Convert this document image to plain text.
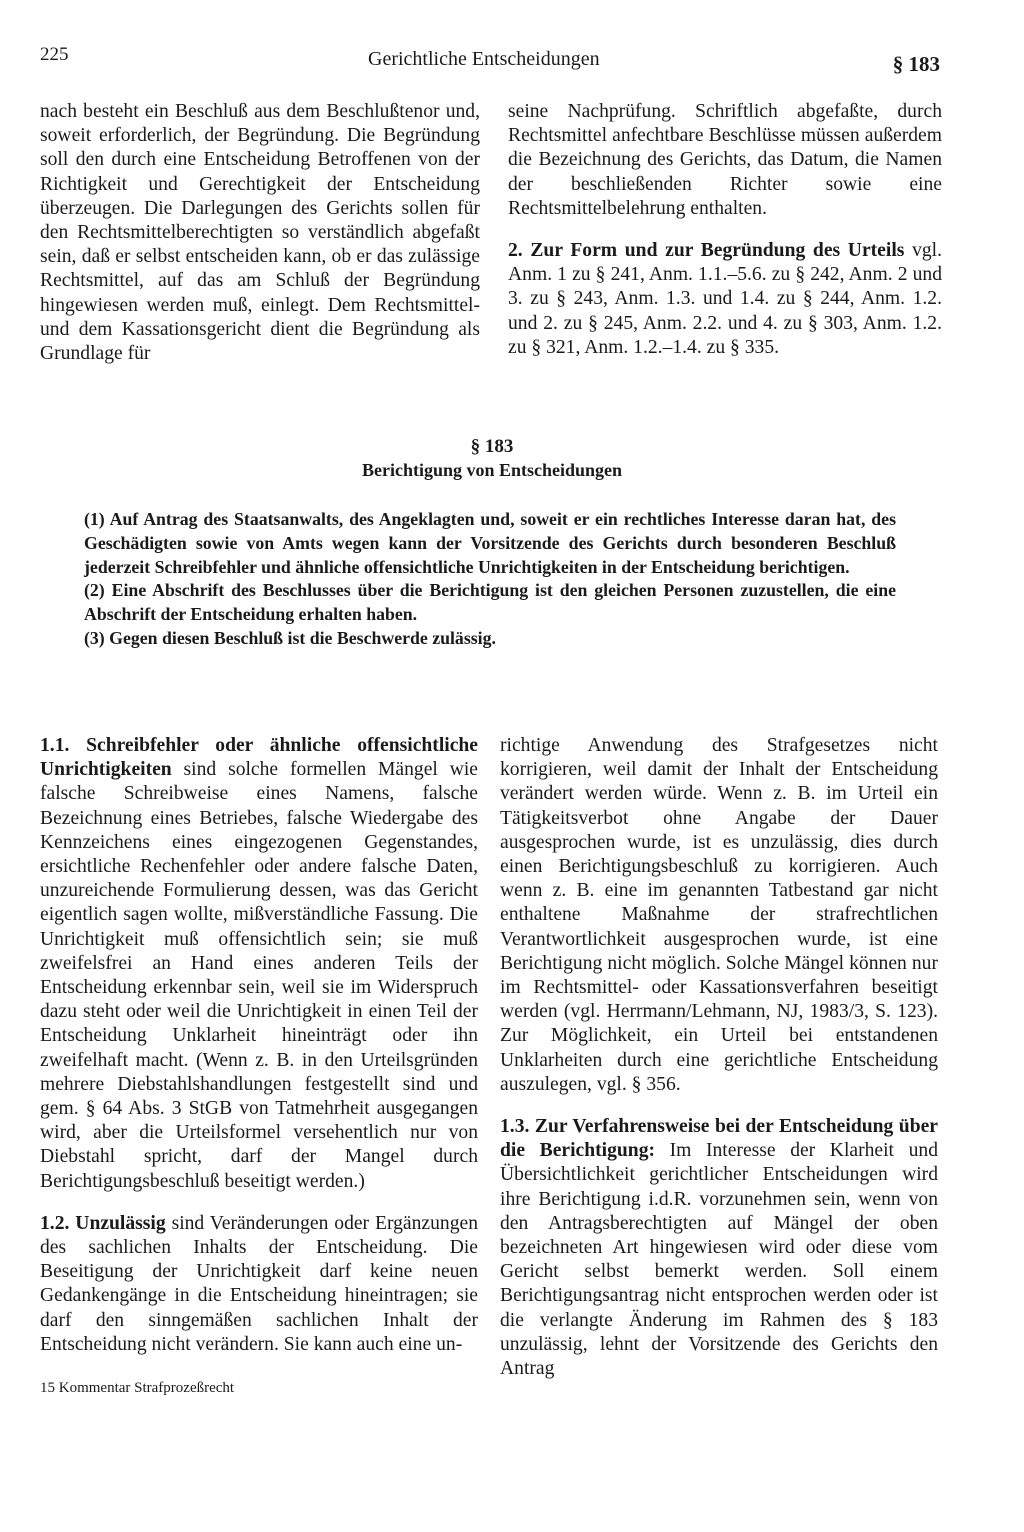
225	Gerichtliche Entscheidungen	§ 183

nach besteht ein Beschluß aus dem Beschlußtenor und, soweit erforderlich, der Begründung. Die Begründung soll den durch eine Entscheidung Betroffenen von der Richtigkeit und Gerechtigkeit der Entscheidung überzeugen. Die Darlegungen des Gerichts sollen für den Rechtsmittelberechtigten so verständlich abgefaßt sein, daß er selbst entscheiden kann, ob er das zulässige Rechtsmittel, auf das am Schluß der Begründung hingewiesen werden muß, einlegt. Dem Rechtsmittel- und dem Kassationsgericht dient die Begründung als Grundlage für

seine Nachprüfung. Schriftlich abgefaßte, durch Rechtsmittel anfechtbare Beschlüsse müssen außerdem die Bezeichnung des Gerichts, das Datum, die Namen der beschließenden Richter sowie eine Rechtsmittelbelehrung enthalten.

2. Zur Form und zur Begründung des Urteils vgl. Anm. 1 zu § 241, Anm. 1.1.–5.6. zu § 242, Anm. 2 und 3. zu § 243, Anm. 1.3. und 1.4. zu § 244, Anm. 1.2. und 2. zu § 245, Anm. 2.2. und 4. zu § 303, Anm. 1.2. zu § 321, Anm. 1.2.–1.4. zu § 335.

§ 183
Berichtigung von Entscheidungen

(1) Auf Antrag des Staatsanwalts, des Angeklagten und, soweit er ein rechtliches Interesse daran hat, des Geschädigten sowie von Amts wegen kann der Vorsitzende des Gerichts durch besonderen Beschluß jederzeit Schreibfehler und ähnliche offensichtliche Unrichtigkeiten in der Entscheidung berichtigen.

(2) Eine Abschrift des Beschlusses über die Berichtigung ist den gleichen Personen zuzustellen, die eine Abschrift der Entscheidung erhalten haben.

(3) Gegen diesen Beschluß ist die Beschwerde zulässig.

1.1. Schreibfehler oder ähnliche offensichtliche Unrichtigkeiten sind solche formellen Mängel wie falsche Schreibweise eines Namens, falsche Bezeichnung eines Betriebes, falsche Wiedergabe des Kennzeichens eines eingezogenen Gegenstandes, ersichtliche Rechenfehler oder andere falsche Daten, unzureichende Formulierung dessen, was das Gericht eigentlich sagen wollte, mißverständliche Fassung. Die Unrichtigkeit muß offensichtlich sein; sie muß zweifelsfrei an Hand eines anderen Teils der Entscheidung erkennbar sein, weil sie im Widerspruch dazu steht oder weil die Unrichtigkeit in einen Teil der Entscheidung Unklarheit hineinträgt oder ihn zweifelhaft macht. (Wenn z. B. in den Urteilsgründen mehrere Diebstahlshandlungen festgestellt sind und gem. § 64 Abs. 3 StGB von Tatmehrheit ausgegangen wird, aber die Urteilsformel versehentlich nur von Diebstahl spricht, darf der Mangel durch Berichtigungsbeschluß beseitigt werden.)

1.2. Unzulässig sind Veränderungen oder Ergänzungen des sachlichen Inhalts der Entscheidung. Die Beseitigung der Unrichtigkeit darf keine neuen Gedankengänge in die Entscheidung hineintragen; sie darf den sinngemäßen sachlichen Inhalt der Entscheidung nicht verändern. Sie kann auch eine un-

richtige Anwendung des Strafgesetzes nicht korrigieren, weil damit der Inhalt der Entscheidung verändert werden würde. Wenn z. B. im Urteil ein Tätigkeitsverbot ohne Angabe der Dauer ausgesprochen wurde, ist es unzulässig, dies durch einen Berichtigungsbeschluß zu korrigieren. Auch wenn z. B. eine im genannten Tatbestand gar nicht enthaltene Maßnahme der strafrechtlichen Verantwortlichkeit ausgesprochen wurde, ist eine Berichtigung nicht möglich. Solche Mängel können nur im Rechtsmittel- oder Kassationsverfahren beseitigt werden (vgl. Herrmann/Lehmann, NJ, 1983/3, S. 123). Zur Möglichkeit, ein Urteil bei entstandenen Unklarheiten durch eine gerichtliche Entscheidung auszulegen, vgl. § 356.

1.3. Zur Verfahrensweise bei der Entscheidung über die Berichtigung: Im Interesse der Klarheit und Übersichtlichkeit gerichtlicher Entscheidungen wird ihre Berichtigung i.d.R. vorzunehmen sein, wenn von den Antragsberechtigten auf Mängel der oben bezeichneten Art hingewiesen wird oder diese vom Gericht selbst bemerkt werden. Soll einem Berichtigungsantrag nicht entsprochen werden oder ist die verlangte Änderung im Rahmen des § 183 unzulässig, lehnt der Vorsitzende des Gerichts den Antrag

15 Kommentar Strafprozeßrecht
